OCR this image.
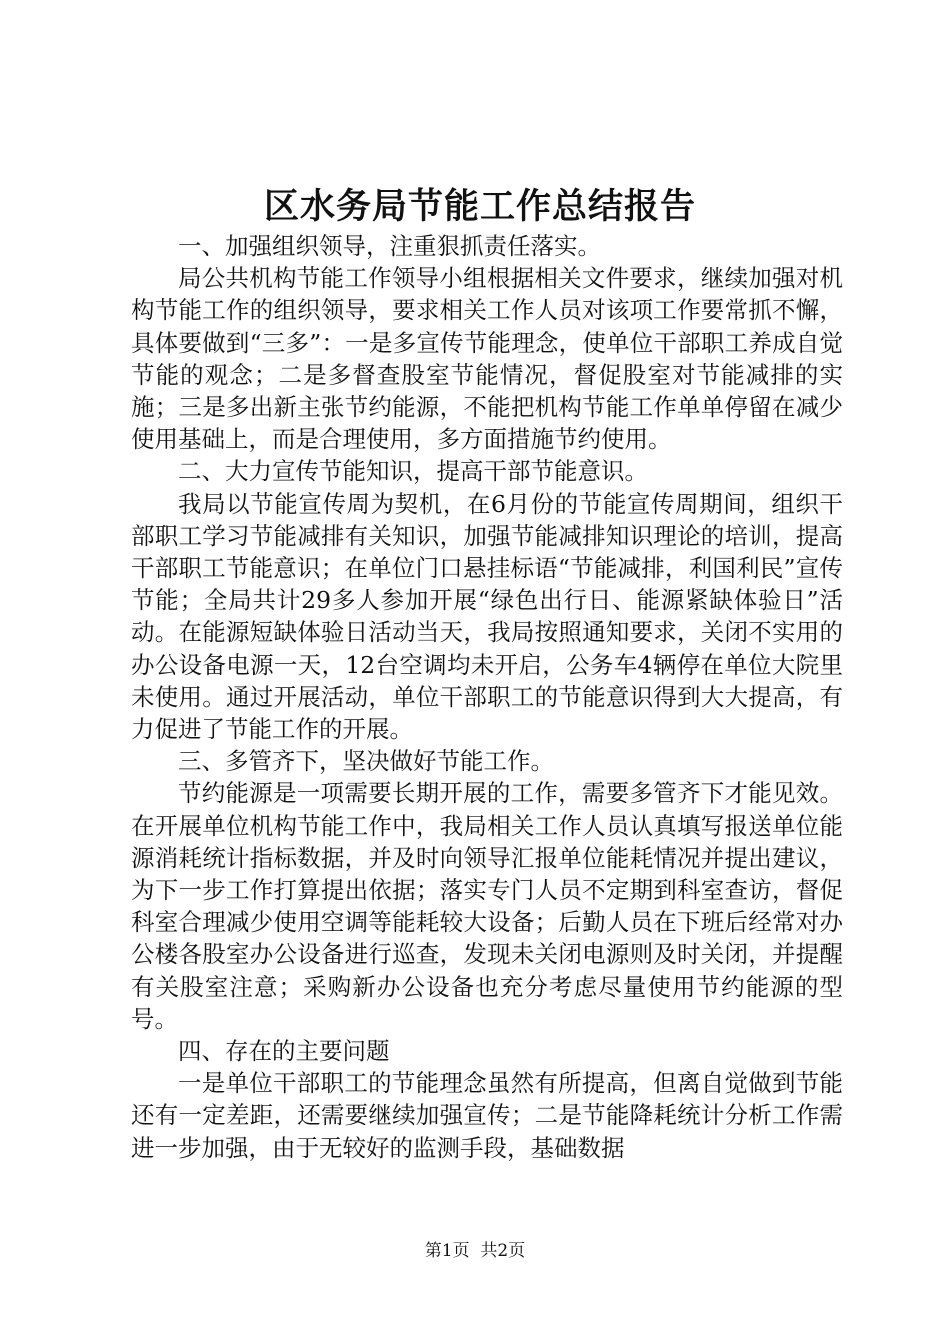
区水务局节能工作总结报告

一、加强组织领导，注重狠抓责任落实。

局公共机构节能工作领导小组根据相关文件要求，继续加强对机构节能工作的组织领导，要求相关工作人员对该项工作要常抓不懈，具体要做到“三多”：一是多宣传节能理念，使单位干部职工养成自觉节能的观念；二是多督查股室节能情况，督促股室对节能减排的实施；三是多出新主张节约能源，不能把机构节能工作单单停留在减少使用基础上，而是合理使用，多方面措施节约使用。

二、大力宣传节能知识，提高干部节能意识。

我局以节能宣传周为契机，在6月份的节能宣传周期间，组织干部职工学习节能减排有关知识，加强节能减排知识理论的培训，提高干部职工节能意识；在单位门口悬挂标语“节能减排，利国利民”宣传节能；全局共计29多人参加开展“绿色出行日、能源紧缺体验日”活动。在能源短缺体验日活动当天，我局按照通知要求，关闭不实用的办公设备电源一天，12台空调均未开启，公务车4辆停在单位大院里未使用。通过开展活动，单位干部职工的节能意识得到大大提高，有力促进了节能工作的开展。

三、多管齐下，坚决做好节能工作。

节约能源是一项需要长期开展的工作，需要多管齐下才能见效。在开展单位机构节能工作中，我局相关工作人员认真填写报送单位能源消耗统计指标数据，并及时向领导汇报单位能耗情况并提出建议，为下一步工作打算提出依据；落实专门人员不定期到科室查访，督促科室合理减少使用空调等能耗较大设备；后勤人员在下班后经常对办公楼各股室办公设备进行巡查，发现未关闭电源则及时关闭，并提醒有关股室注意；采购新办公设备也充分考虑尽量使用节约能源的型号。

四、存在的主要问题

一是单位干部职工的节能理念虽然有所提高，但离自觉做到节能还有一定差距，还需要继续加强宣传；二是节能降耗统计分析工作需进一步加强，由于无较好的监测手段，基础数据

第1页  共2页
